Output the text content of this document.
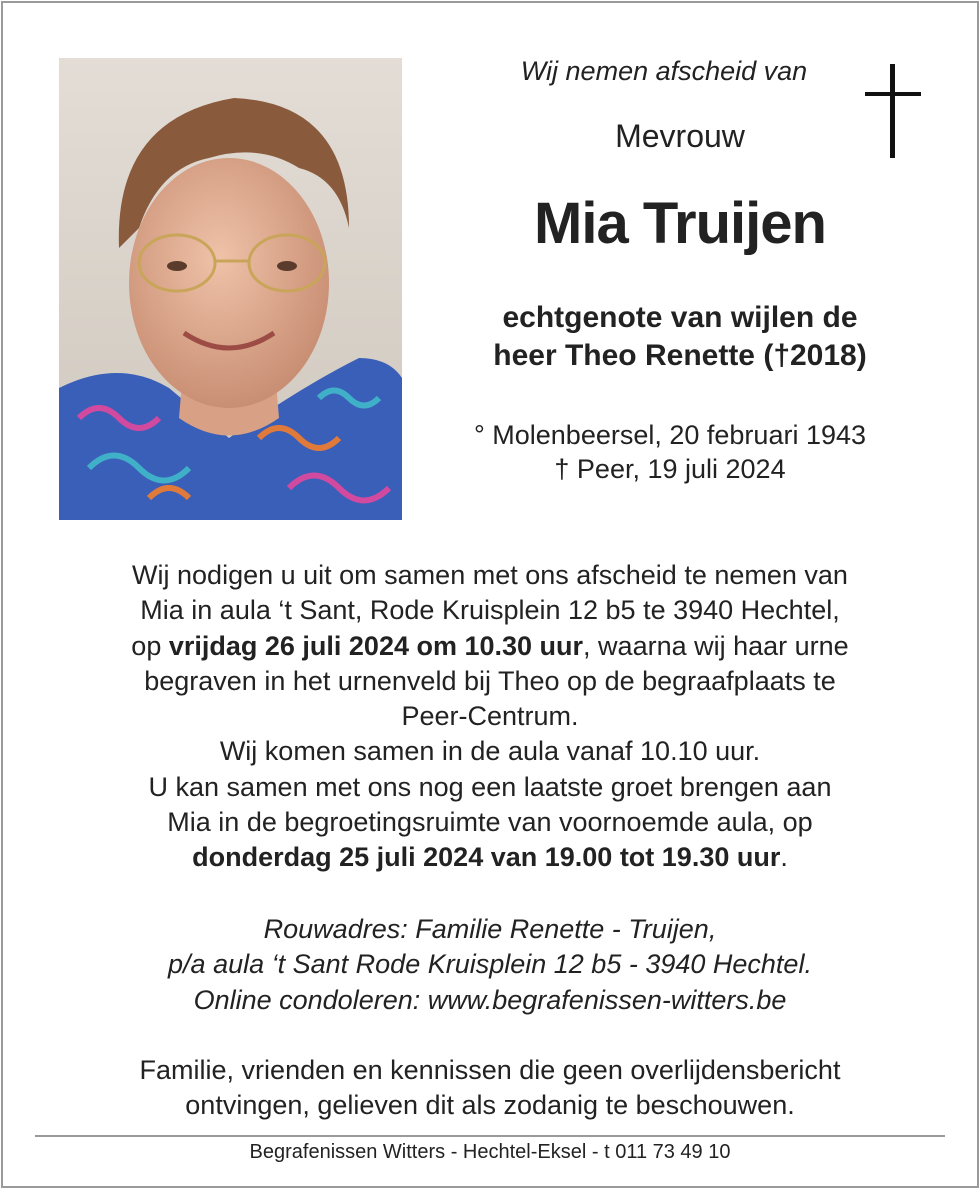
Wij nemen afscheid van
Mevrouw
Mia Truijen
echtgenote van wijlen de
heer Theo Renette (†2018)
° Molenbeersel, 20 februari 1943
† Peer, 19 juli 2024
Wij nodigen u uit om samen met ons afscheid te nemen van
Mia in aula ‘t Sant, Rode Kruisplein 12 b5 te 3940 Hechtel,
op vrijdag 26 juli 2024 om 10.30 uur, waarna wij haar urne
begraven in het urnenveld bij Theo op de begraafplaats te
Peer-Centrum.
Wij komen samen in de aula vanaf 10.10 uur.
U kan samen met ons nog een laatste groet brengen aan
Mia in de begroetingsruimte van voornoemde aula, op
donderdag 25 juli 2024 van 19.00 tot 19.30 uur.
Rouwadres: Familie Renette - Truijen,
p/a aula ‘t Sant Rode Kruisplein 12 b5 - 3940 Hechtel.
Online condoleren: www.begrafenissen-witters.be
Familie, vrienden en kennissen die geen overlijdensbericht
ontvingen, gelieven dit als zodanig te beschouwen.
Begrafenissen Witters - Hechtel-Eksel - t 011 73 49 10
